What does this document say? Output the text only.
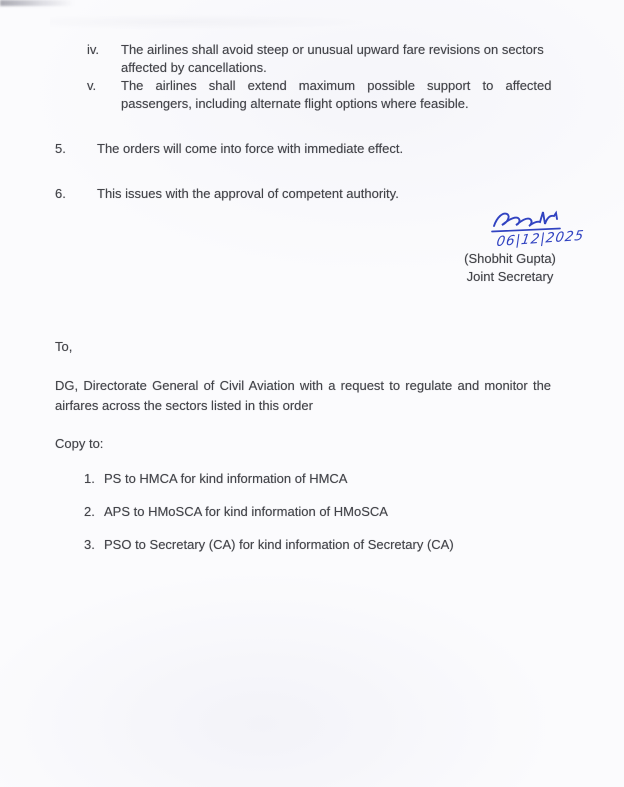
iv.	The airlines shall avoid steep or unusual upward fare revisions on sectors
affected by cancellations.
v.	The airlines shall extend maximum possible support to affected
passengers, including alternate flight options where feasible.
5.	The orders will come into force with immediate effect.
6.	This issues with the approval of competent authority.
06|12|2025
(Shobhit Gupta)
Joint Secretary
To,
DG, Directorate General of Civil Aviation with a request to regulate and monitor the
airfares across the sectors listed in this order
Copy to:
1. PS to HMCA for kind information of HMCA
2. APS to HMoSCA for kind information of HMoSCA
3. PSO to Secretary (CA) for kind information of Secretary (CA)
